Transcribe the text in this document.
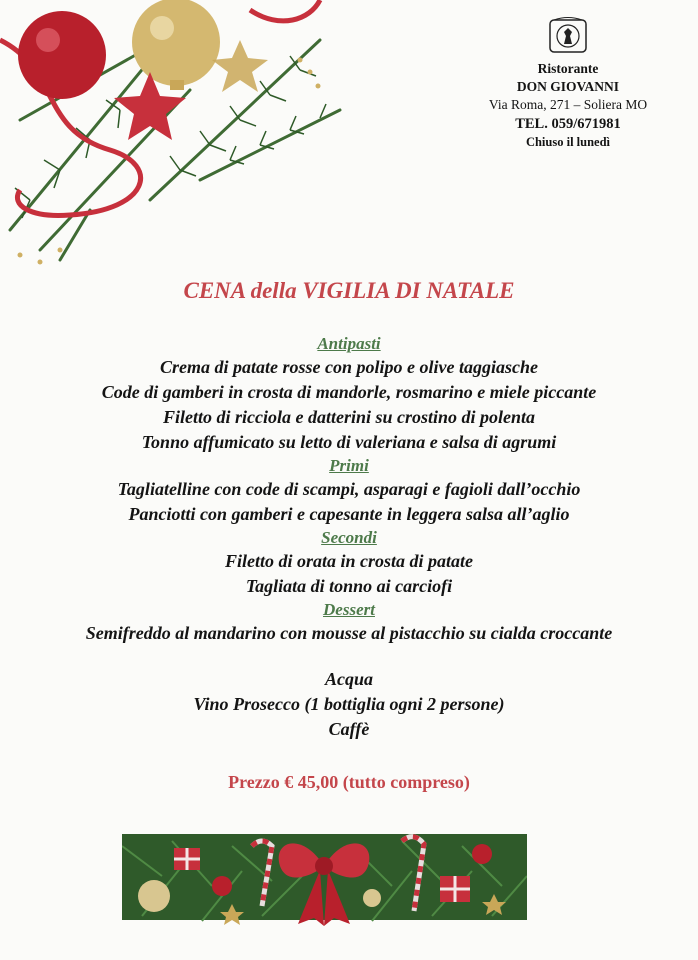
Ristorante
DON GIOVANNI
Via Roma, 271 – Soliera MO
TEL. 059/671981
Chiuso il lunedì
CENA della VIGILIA DI NATALE
Antipasti
Crema di patate rosse con polipo e olive taggiasche
Code di gamberi in crosta di mandorle, rosmarino e miele piccante
Filetto di ricciola e datterini su crostino di polenta
Tonno affumicato su letto di valeriana e salsa di agrumi
Primi
Tagliatelline con code di scampi, asparagi e fagioli dall’occhio
Panciotti con gamberi e capesante in leggera salsa all’aglio
Secondi
Filetto di orata in crosta di patate
Tagliata di tonno ai carciofi
Dessert
Semifreddo al mandarino con mousse al pistacchio su cialda croccante
Acqua
Vino Prosecco (1 bottiglia ogni 2 persone)
Caffè
Prezzo € 45,00 (tutto compreso)
